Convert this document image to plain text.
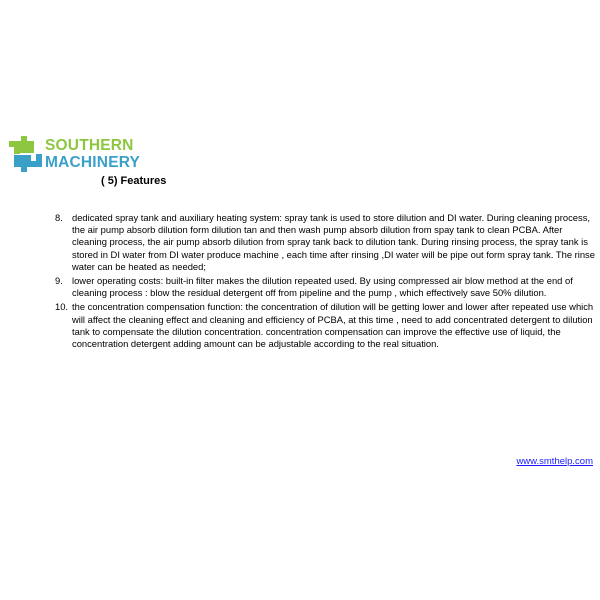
SOUTHERN
MACHINERY
( 5) Features
8. dedicated spray tank and auxiliary heating system: spray tank is used to store dilution and DI water. During cleaning process, the air pump absorb dilution form dilution tan and then wash pump absorb dilution from spay tank to clean PCBA. After cleaning process, the air pump absorb dilution from spray tank back to dilution tank. During rinsing process, the spray tank is stored in DI water from DI water produce machine , each time after rinsing ,DI water will be pipe out form spray tank. The rinse water can be heated as needed;
9. lower operating costs: built-in filter makes the dilution repeated used. By using compressed air blow method at the end of cleaning process : blow the residual detergent off from pipeline and the pump , which effectively save 50% dilution.
10. the concentration compensation function: the concentration of dilution will be getting lower and lower after repeated use which will affect the cleaning effect and cleaning and efficiency of PCBA, at this time , need to add concentrated detergent to dilution tank to compensate the dilution concentration. concentration compensation can improve the effective use of liquid, the concentration detergent adding amount can be adjustable according to the real situation.
www.smthelp.com
